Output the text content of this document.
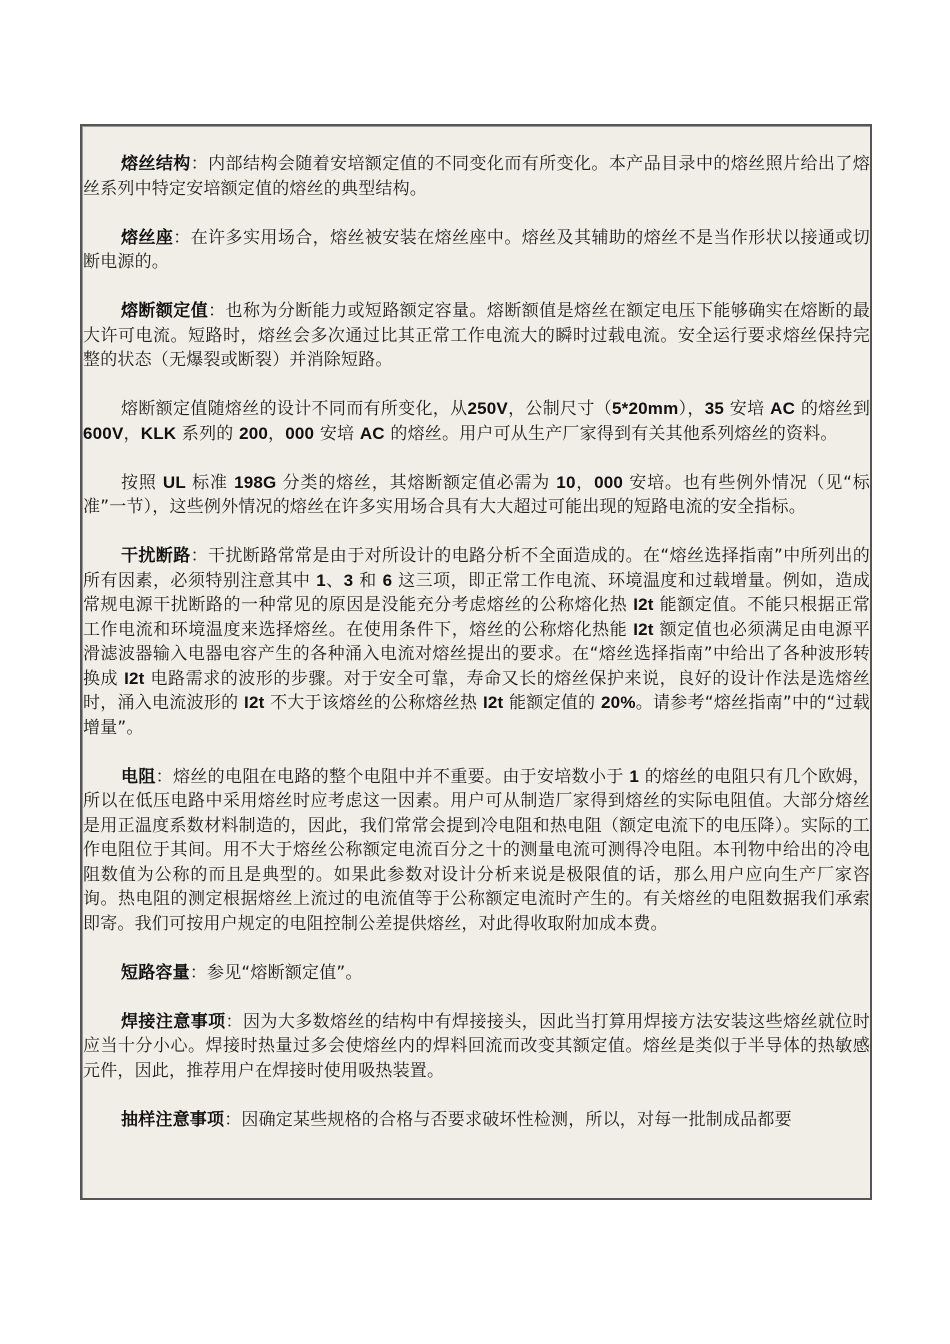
熔丝结构：内部结构会随着安培额定值的不同变化而有所变化。本产品目录中的熔丝照片给出了熔丝系列中特定安培额定值的熔丝的典型结构。

熔丝座：在许多实用场合，熔丝被安装在熔丝座中。熔丝及其辅助的熔丝不是当作形状以接通或切断电源的。

熔断额定值：也称为分断能力或短路额定容量。熔断额值是熔丝在额定电压下能够确实在熔断的最大许可电流。短路时，熔丝会多次通过比其正常工作电流大的瞬时过载电流。安全运行要求熔丝保持完整的状态（无爆裂或断裂）并消除短路。

熔断额定值随熔丝的设计不同而有所变化，从250V，公制尺寸（5*20mm），35 安培 AC 的熔丝到 600V，KLK 系列的 200，000 安培 AC 的熔丝。用户可从生产厂家得到有关其他系列熔丝的资料。

按照 UL 标准 198G 分类的熔丝，其熔断额定值必需为 10，000 安培。也有些例外情况（见“标准”一节），这些例外情况的熔丝在许多实用场合具有大大超过可能出现的短路电流的安全指标。

干扰断路：干扰断路常常是由于对所设计的电路分析不全面造成的。在“熔丝选择指南”中所列出的所有因素，必须特别注意其中 1、3 和 6 这三项，即正常工作电流、环境温度和过载增量。例如，造成常规电源干扰断路的一种常见的原因是没能充分考虑熔丝的公称熔化热 I2t 能额定值。不能只根据正常工作电流和环境温度来选择熔丝。在使用条件下，熔丝的公称熔化热能 I2t 额定值也必须满足由电源平滑滤波器输入电器电容产生的各种涌入电流对熔丝提出的要求。在“熔丝选择指南”中给出了各种波形转换成 I2t 电路需求的波形的步骤。对于安全可靠，寿命又长的熔丝保护来说，良好的设计作法是选熔丝时，涌入电流波形的 I2t 不大于该熔丝的公称熔丝热 I2t 能额定值的 20%。请参考“熔丝指南”中的“过载增量”。

电阻：熔丝的电阻在电路的整个电阻中并不重要。由于安培数小于 1 的熔丝的电阻只有几个欧姆，所以在低压电路中采用熔丝时应考虑这一因素。用户可从制造厂家得到熔丝的实际电阻值。大部分熔丝是用正温度系数材料制造的，因此，我们常常会提到冷电阻和热电阻（额定电流下的电压降）。实际的工作电阻位于其间。用不大于熔丝公称额定电流百分之十的测量电流可测得冷电阻。本刊物中给出的冷电阻数值为公称的而且是典型的。如果此参数对设计分析来说是极限值的话，那么用户应向生产厂家咨询。热电阻的测定根据熔丝上流过的电流值等于公称额定电流时产生的。有关熔丝的电阻数据我们承索即寄。我们可按用户规定的电阻控制公差提供熔丝，对此得收取附加成本费。

短路容量：参见“熔断额定值”。

焊接注意事项：因为大多数熔丝的结构中有焊接接头，因此当打算用焊接方法安装这些熔丝就位时应当十分小心。焊接时热量过多会使熔丝内的焊料回流而改变其额定值。熔丝是类似于半导体的热敏感元件，因此，推荐用户在焊接时使用吸热装置。

抽样注意事项：因确定某些规格的合格与否要求破坏性检测，所以，对每一批制成品都要
